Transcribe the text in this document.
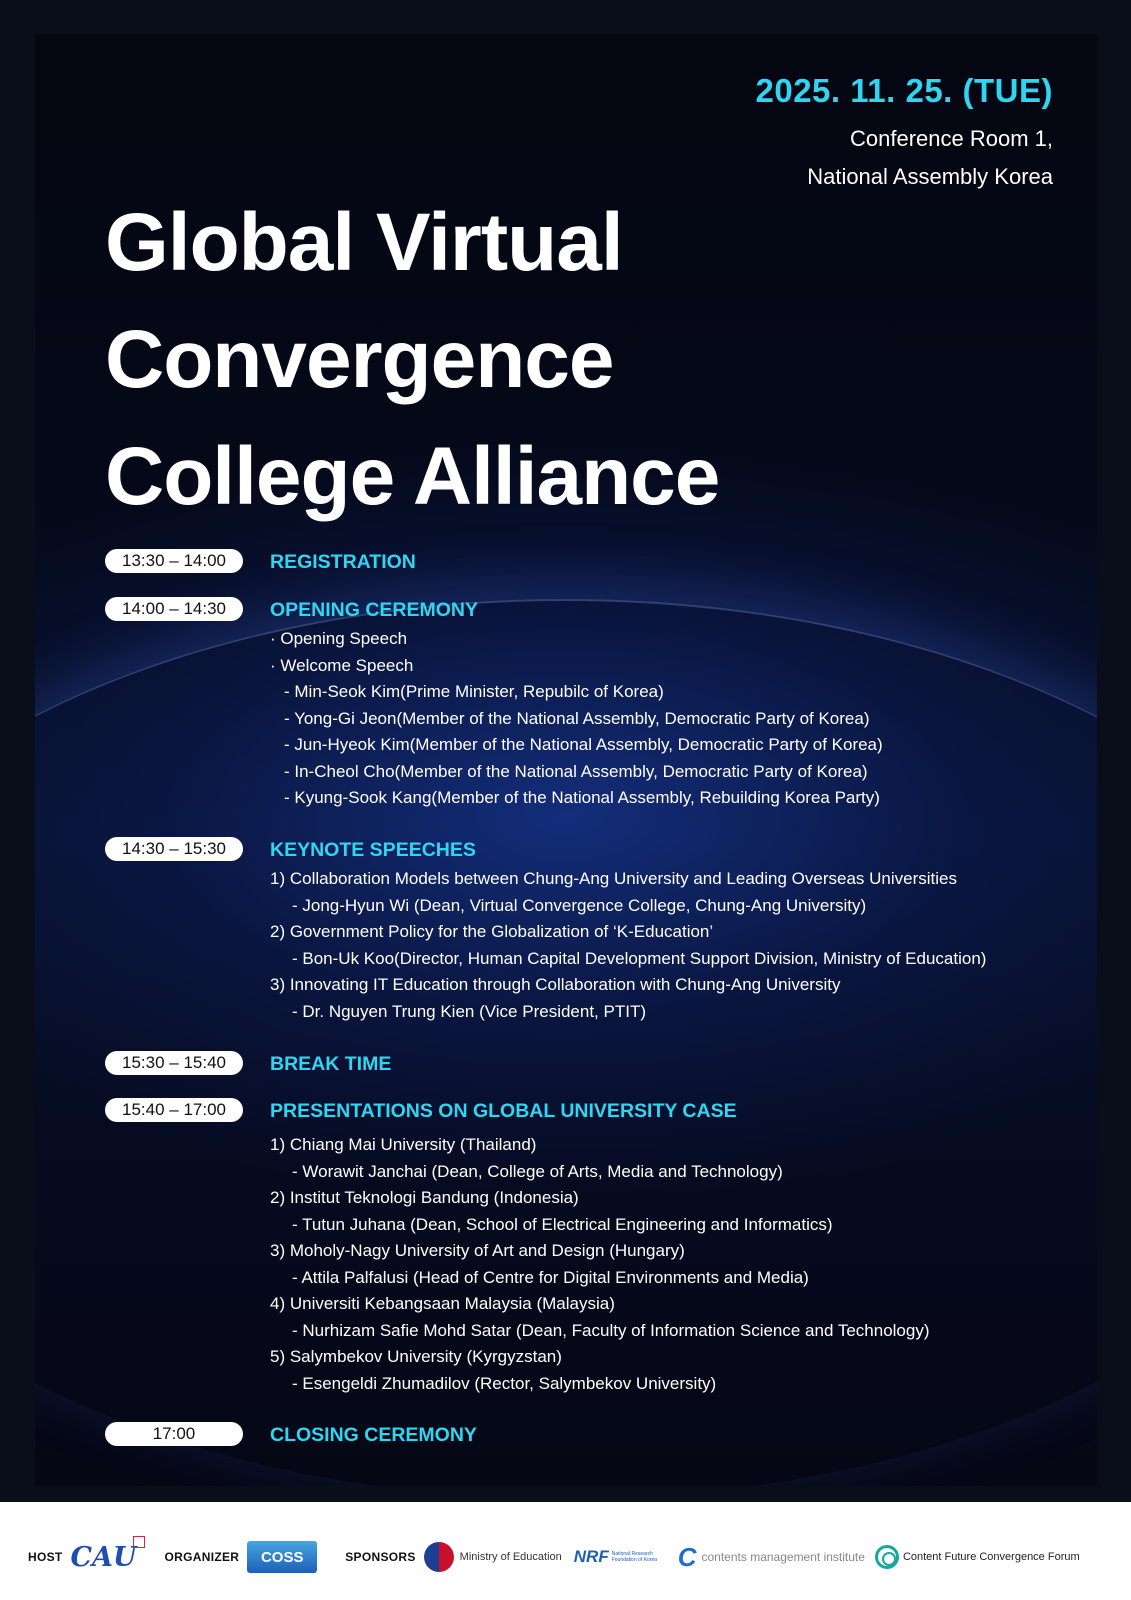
2025. 11. 25. (TUE)
Conference Room 1,
National Assembly Korea
Global Virtual
Convergence
College Alliance
13:30 – 14:00	REGISTRATION
14:00 – 14:30	OPENING CEREMONY
· Opening Speech
· Welcome Speech
- Min-Seok Kim(Prime Minister, Repubilc of Korea)
- Yong-Gi Jeon(Member of the National Assembly, Democratic Party of Korea)
- Jun-Hyeok Kim(Member of the National Assembly, Democratic Party of Korea)
- In-Cheol Cho(Member of the National Assembly, Democratic Party of Korea)
- Kyung-Sook Kang(Member of the National Assembly, Rebuilding Korea Party)
14:30 – 15:30	KEYNOTE SPEECHES
1) Collaboration Models between Chung-Ang University and Leading Overseas Universities
- Jong-Hyun Wi (Dean, Virtual Convergence College, Chung-Ang University)
2) Government Policy for the Globalization of ‘K-Education’
- Bon-Uk Koo(Director, Human Capital Development Support Division, Ministry of Education)
3) Innovating IT Education through Collaboration with Chung-Ang University
- Dr. Nguyen Trung Kien (Vice President, PTIT)
15:30 – 15:40	BREAK TIME
15:40 – 17:00	PRESENTATIONS ON GLOBAL UNIVERSITY CASE
1) Chiang Mai University (Thailand)
- Worawit Janchai (Dean, College of Arts, Media and Technology)
2) Institut Teknologi Bandung (Indonesia)
- Tutun Juhana (Dean, School of Electrical Engineering and Informatics)
3) Moholy-Nagy University of Art and Design (Hungary)
- Attila Palfalusi (Head of Centre for Digital Environments and Media)
4) Universiti Kebangsaan Malaysia (Malaysia)
- Nurhizam Safie Mohd Satar (Dean, Faculty of Information Science and Technology)
5) Salymbekov University (Kyrgyzstan)
- Esengeldi Zhumadilov (Rector, Salymbekov University)
17:00	CLOSING CEREMONY
HOST CAU ORGANIZER	COSS	SPONSORS	Ministry of Education NRF National Research Foundation of Korea C contents management institute	Content Future Convergence Forum
